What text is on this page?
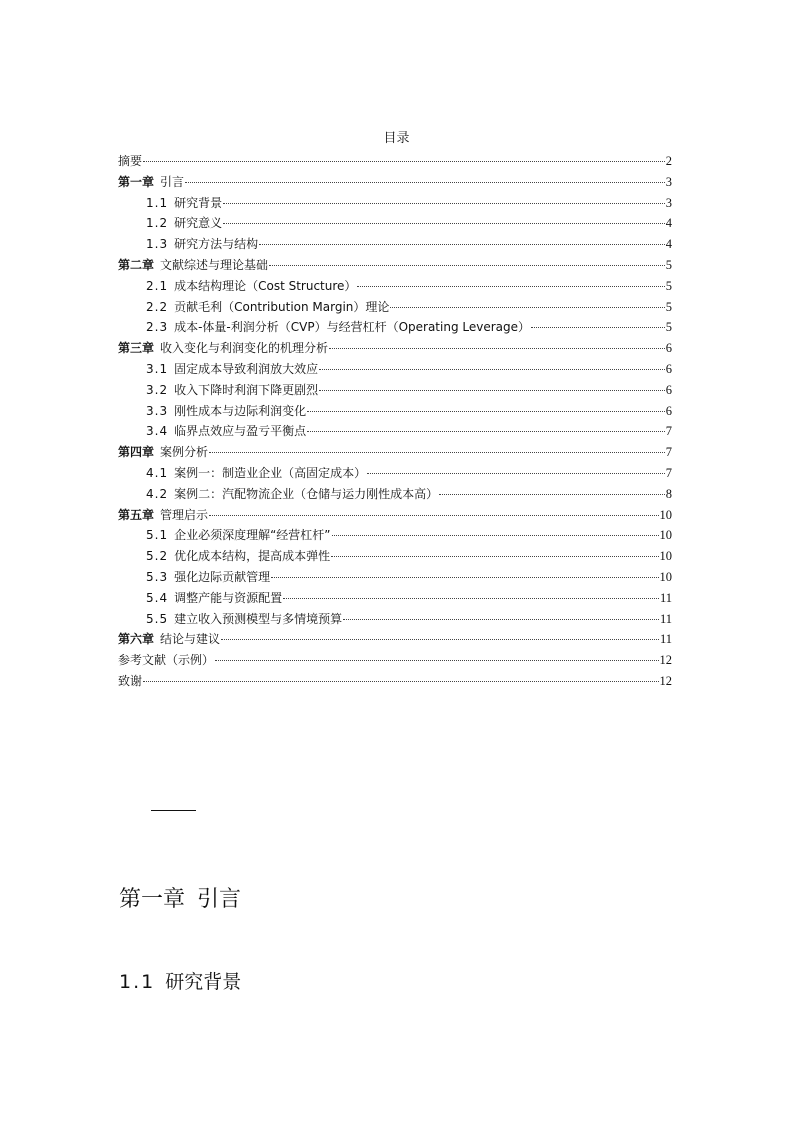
目录
摘要	2
第一章 引言	3
1.1 研究背景	3
1.2 研究意义	4
1.3 研究方法与结构	4
第二章 文献综述与理论基础	5
2.1 成本结构理论（Cost Structure）	5
2.2 贡献毛利（Contribution Margin）理论	5
2.3 成本-体量-利润分析（CVP）与经营杠杆（Operating Leverage）	5
第三章 收入变化与利润变化的机理分析	6
3.1 固定成本导致利润放大效应	6
3.2 收入下降时利润下降更剧烈	6
3.3 刚性成本与边际利润变化	6
3.4 临界点效应与盈亏平衡点	7
第四章 案例分析	7
4.1 案例一：制造业企业（高固定成本）	7
4.2 案例二：汽配物流企业（仓储与运力刚性成本高）	8
第五章 管理启示	10
5.1 企业必须深度理解“经营杠杆”	10
5.2 优化成本结构，提高成本弹性	10
5.3 强化边际贡献管理	10
5.4 调整产能与资源配置	11
5.5 建立收入预测模型与多情境预算	11
第六章 结论与建议	11
参考文献（示例）	12
致谢	12
第一章 引言
1.1 研究背景
